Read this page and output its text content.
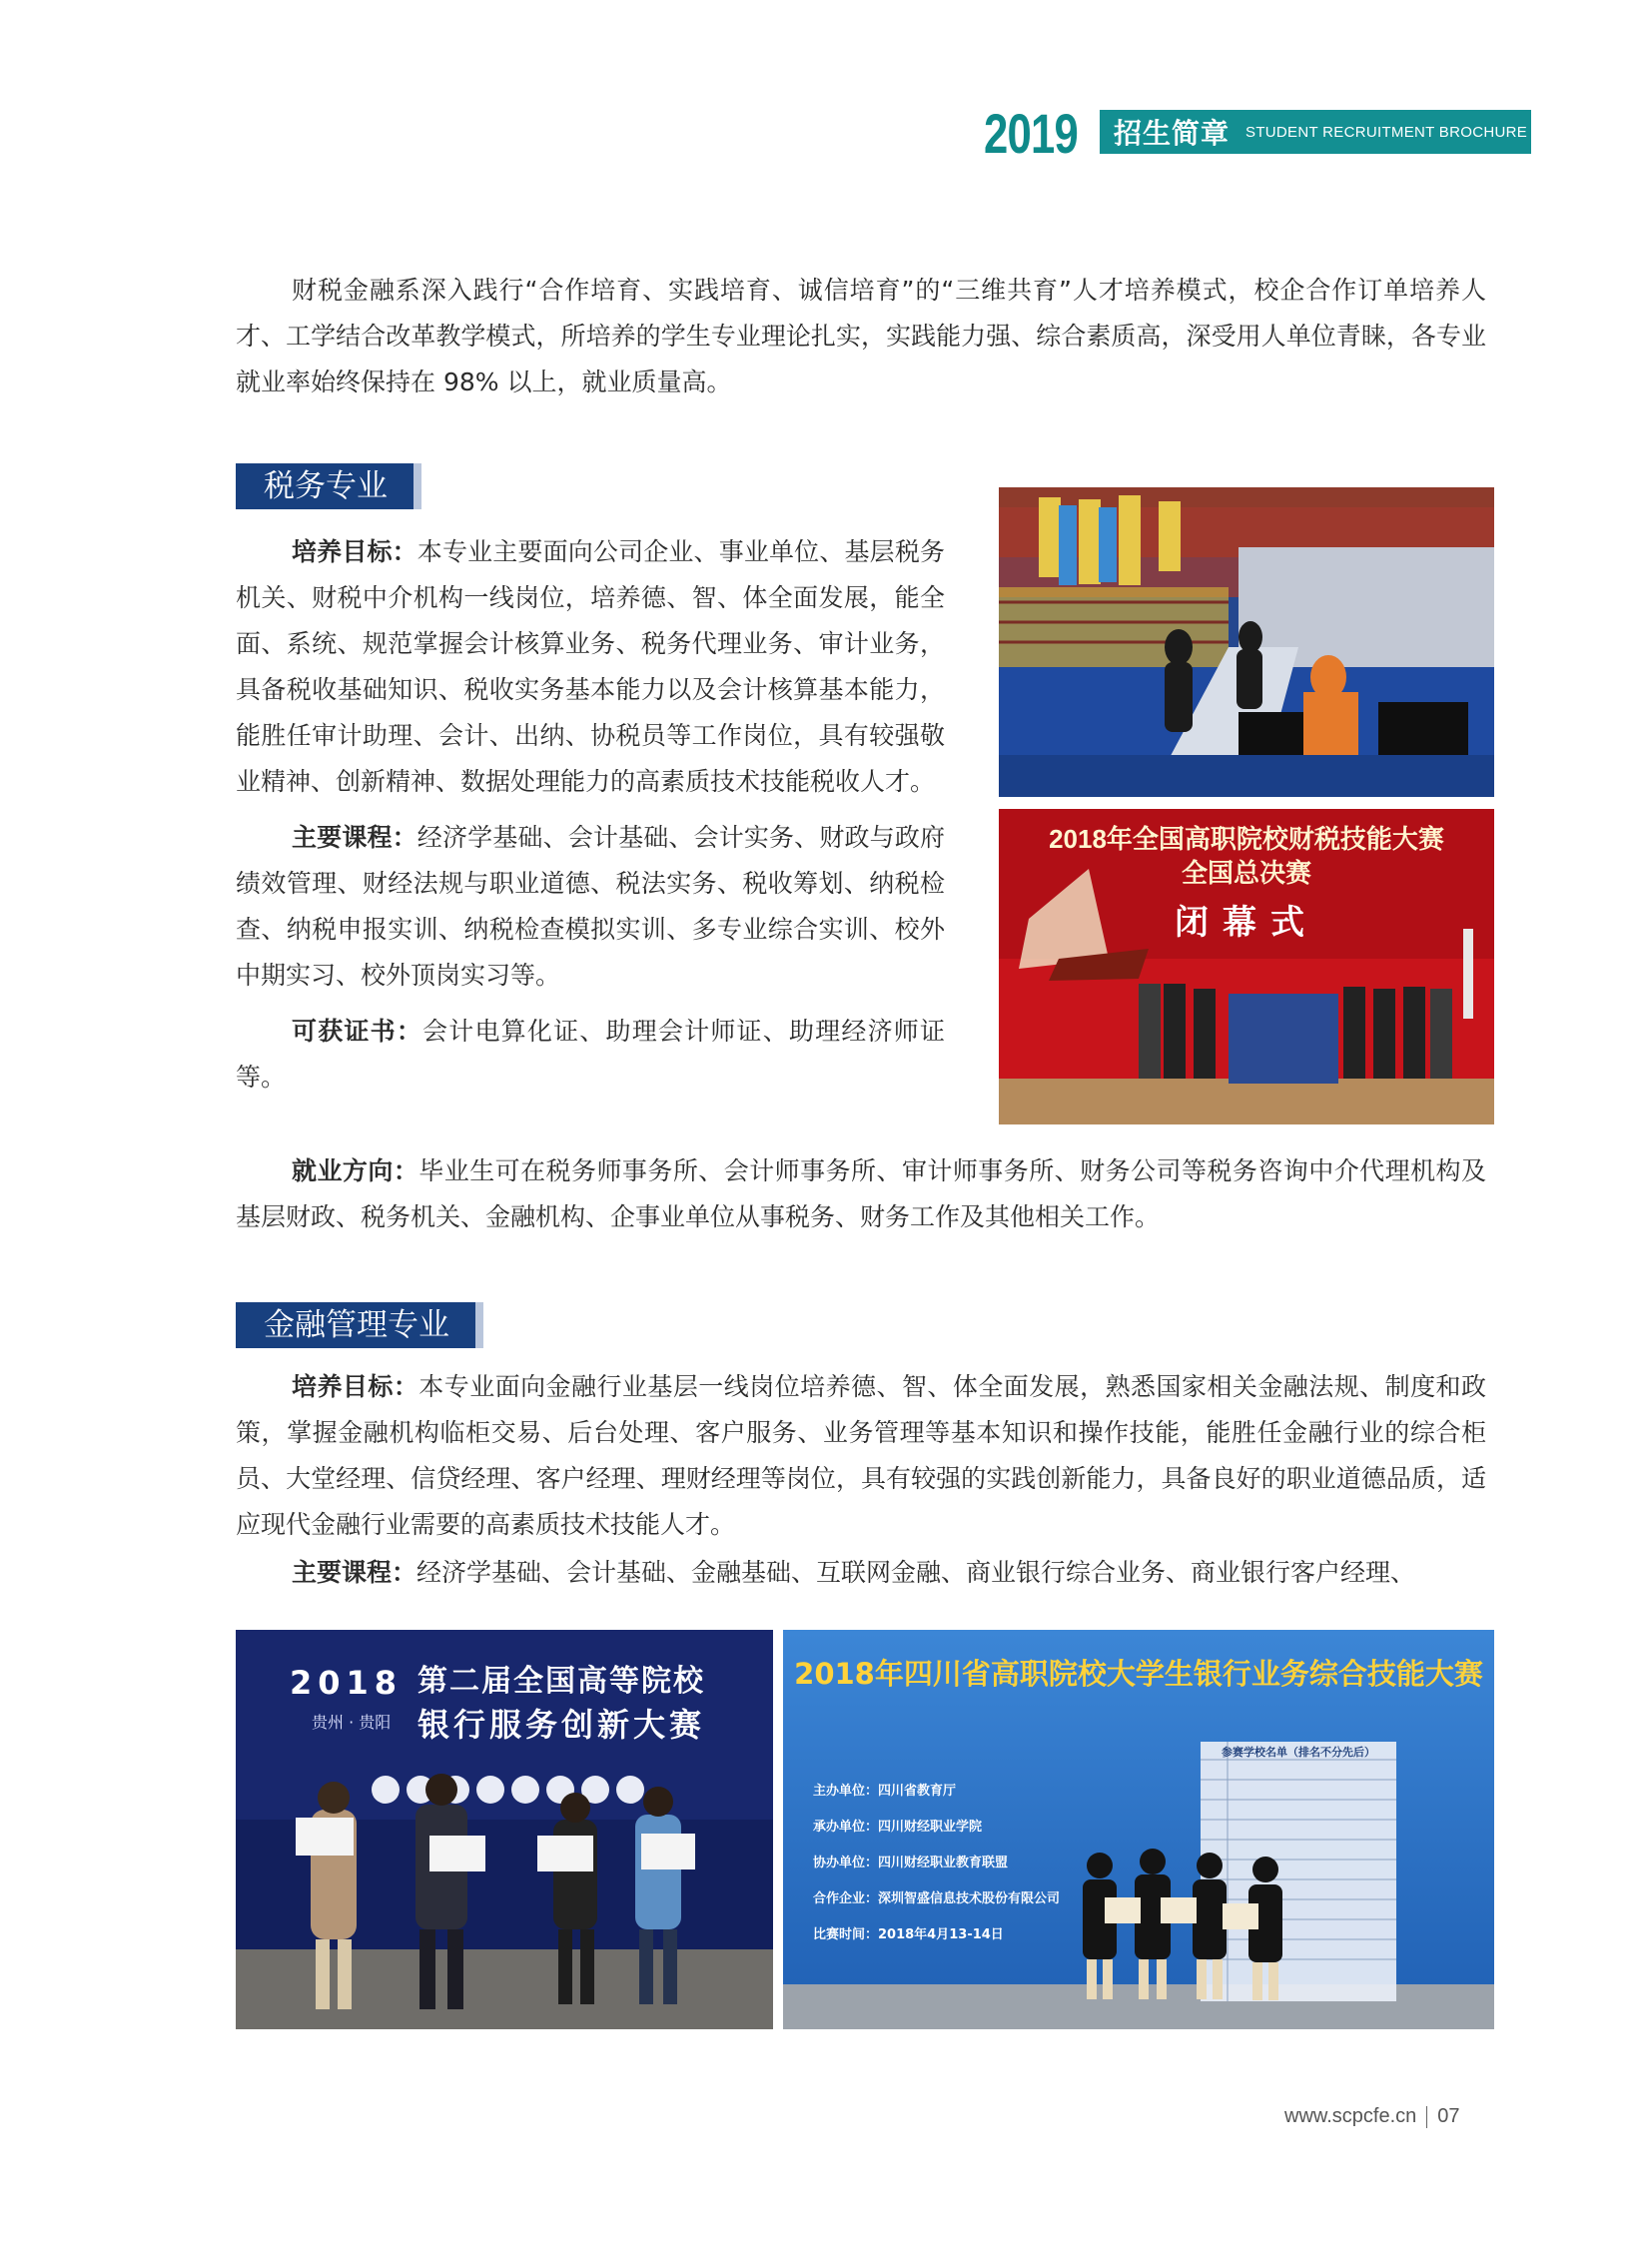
2019 招生简章 STUDENT RECRUITMENT BROCHURE

财税金融系深入践行“合作培育、实践培育、诚信培育”的“三维共育”人才培养模式，校企合作订单培养人才、工学结合改革教学模式，所培养的学生专业理论扎实，实践能力强、综合素质高，深受用人单位青睐，各专业就业率始终保持在 98% 以上，就业质量高。

税务专业

培养目标：本专业主要面向公司企业、事业单位、基层税务机关、财税中介机构一线岗位，培养德、智、体全面发展，能全面、系统、规范掌握会计核算业务、税务代理业务、审计业务，具备税收基础知识、税收实务基本能力以及会计核算基本能力，能胜任审计助理、会计、出纳、协税员等工作岗位，具有较强敬业精神、创新精神、数据处理能力的高素质技术技能税收人才。

主要课程：经济学基础、会计基础、会计实务、财政与政府绩效管理、财经法规与职业道德、税法实务、税收筹划、纳税检查、纳税申报实训、纳税检查模拟实训、多专业综合实训、校外中期实习、校外顶岗实习等。

可获证书：会计电算化证、助理会计师证、助理经济师证等。

就业方向：毕业生可在税务师事务所、会计师事务所、审计师事务所、财务公司等税务咨询中介代理机构及基层财政、税务机关、金融机构、企事业单位从事税务、财务工作及其他相关工作。

2018年全国高职院校财税技能大赛
全国总决赛
闭幕式
金融管理专业

培养目标：本专业面向金融行业基层一线岗位培养德、智、体全面发展，熟悉国家相关金融法规、制度和政策，掌握金融机构临柜交易、后台处理、客户服务、业务管理等基本知识和操作技能，能胜任金融行业的综合柜员、大堂经理、信贷经理、客户经理、理财经理等岗位，具有较强的实践创新能力，具备良好的职业道德品质，适应现代金融行业需要的高素质技术技能人才。

主要课程：经济学基础、会计基础、金融基础、互联网金融、商业银行综合业务、商业银行客户经理、

2018
贵州 · 贵阳
第二届全国高等院校
银行服务创新大赛
2018年四川省高职院校大学生银行业务综合技能大赛
参赛学校名单（排名不分先后）
主办单位：四川省教育厅
承办单位：四川财经职业学院
协办单位：四川财经职业教育联盟
合作企业：深圳智盛信息技术股份有限公司
比赛时间：2018年4月13-14日
www.scpcfe.cn 07
